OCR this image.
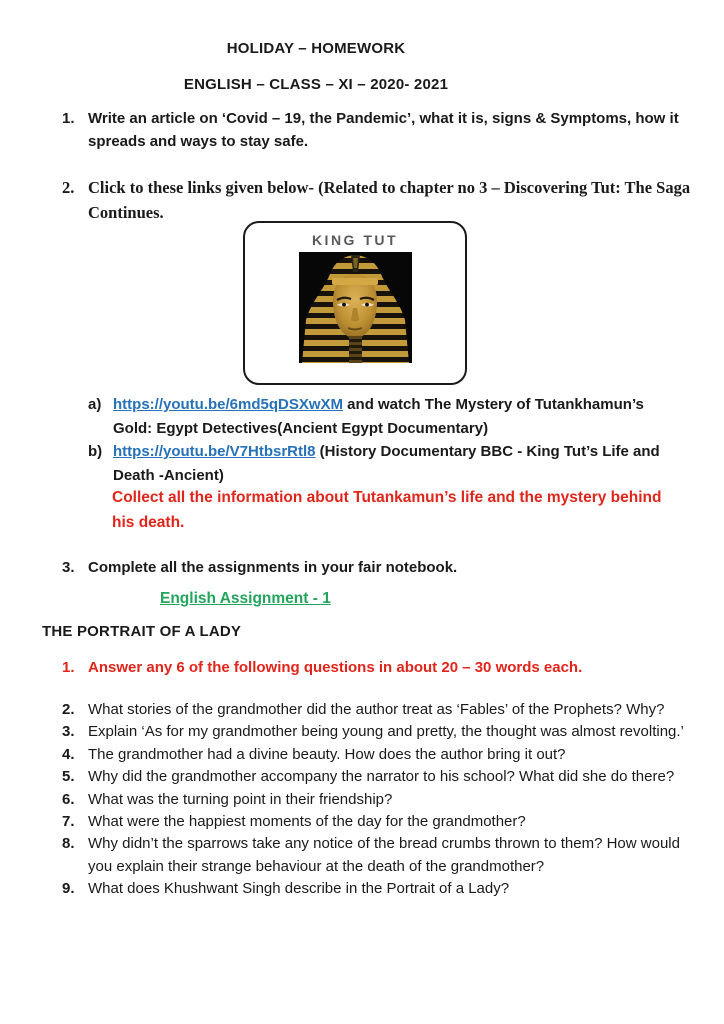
HOLIDAY – HOMEWORK
ENGLISH – CLASS – XI – 2020- 2021
1. Write an article on ‘Covid – 19, the Pandemic’, what it is, signs & Symptoms, how it spreads and ways to stay safe.
2. Click to these links given below- (Related to chapter no 3 – Discovering Tut: The Saga Continues.
KING TUT
a) https://youtu.be/6md5qDSXwXM and watch The Mystery of Tutankhamun’s Gold: Egypt Detectives(Ancient Egypt Documentary)
b) https://youtu.be/V7HtbsrRtl8 (History Documentary BBC - King Tut’s Life and Death -Ancient)
Collect all the information about Tutankamun’s life and the mystery behind his death.
3. Complete all the assignments in your fair notebook.
English Assignment - 1
THE PORTRAIT OF A LADY
1. Answer any 6 of the following questions in about 20 – 30 words each.
2. What stories of the grandmother did the author treat as ‘Fables’ of the Prophets? Why?
3. Explain ‘As for my grandmother being young and pretty, the thought was almost revolting.’
4. The grandmother had a divine beauty. How does the author bring it out?
5. Why did the grandmother accompany the narrator to his school? What did she do there?
6. What was the turning point in their friendship?
7. What were the happiest moments of the day for the grandmother?
8. Why didn’t the sparrows take any notice of the bread crumbs thrown to them? How would you explain their strange behaviour at the death of the grandmother?
9. What does Khushwant Singh describe in the Portrait of a Lady?
